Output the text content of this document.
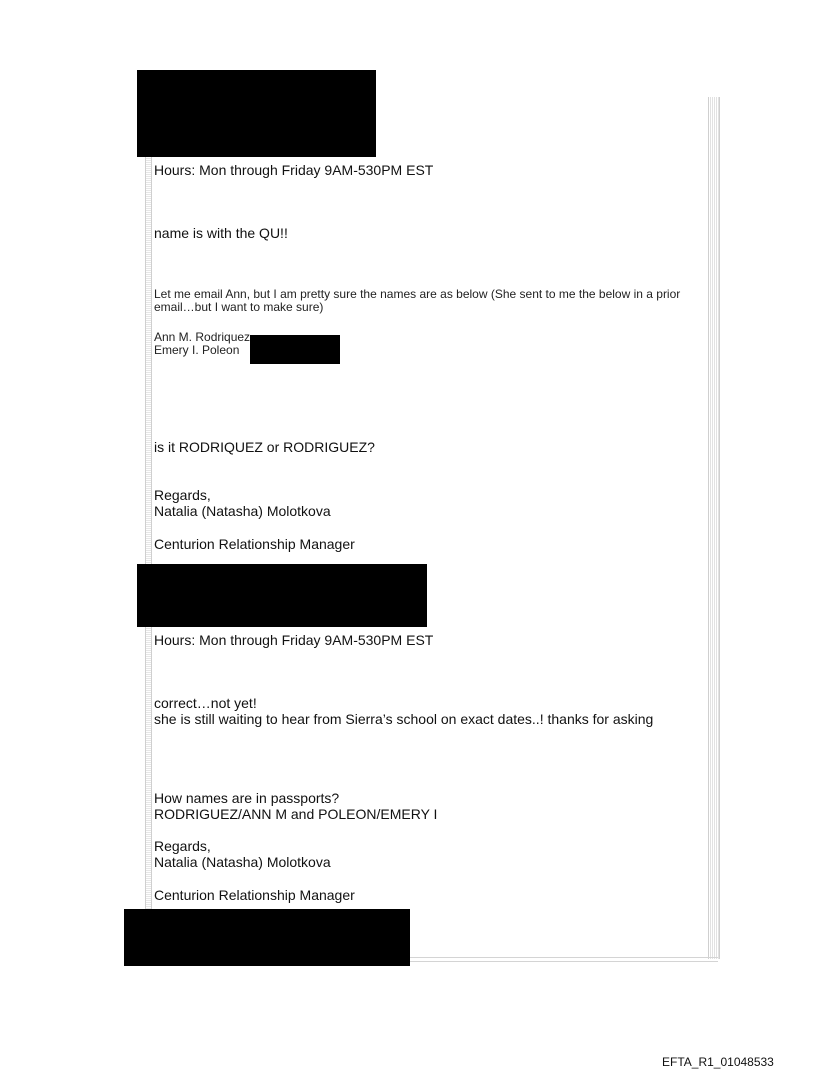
Hours: Mon through Friday 9AM-530PM EST
name is with the QU!!
Let me email Ann, but I am pretty sure the names are as below (She sent to me the below in a prior
email…but I want to make sure)
Ann M. Rodriquez
Emery I. Poleon
is it RODRIQUEZ or RODRIGUEZ?
Regards,
Natalia (Natasha) Molotkova
Centurion Relationship Manager
Hours: Mon through Friday 9AM-530PM EST
correct…not yet!
she is still waiting to hear from Sierra’s school on exact dates..! thanks for asking
How names are in passports?
RODRIGUEZ/ANN M and POLEON/EMERY I
Regards,
Natalia (Natasha) Molotkova
Centurion Relationship Manager
EFTA_R1_01048533
